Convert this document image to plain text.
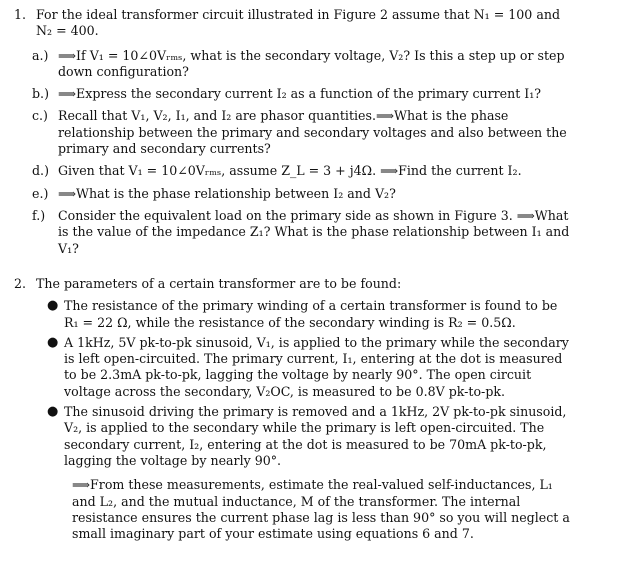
1. For the ideal transformer circuit illustrated in Figure 2 assume that N₁ = 100 and N₂ = 400.
a.) ⟹If V₁ = 10∠0Vᵣₘₛ, what is the secondary voltage, V₂? Is this a step up or step down configuration?
b.) ⟹Express the secondary current I₂ as a function of the primary current I₁?
c.) Recall that V₁, V₂, I₁, and I₂ are phasor quantities.⟹What is the phase relationship between the primary and secondary voltages and also between the primary and secondary currents?
d.) Given that V₁ = 10∠0Vᵣₘₛ, assume Z_L = 3 + j4Ω. ⟹Find the current I₂.
e.) ⟹What is the phase relationship between I₂ and V₂?
f.) Consider the equivalent load on the primary side as shown in Figure 3. ⟹What is the value of the impedance Z₁? What is the phase relationship between I₁ and V₁?
2. The parameters of a certain transformer are to be found:
● The resistance of the primary winding of a certain transformer is found to be R₁ = 22 Ω, while the resistance of the secondary winding is R₂ = 0.5Ω.
● A 1kHz, 5V pk-to-pk sinusoid, V₁, is applied to the primary while the secondary is left open-circuited. The primary current, I₁, entering at the dot is measured to be 2.3mA pk-to-pk, lagging the voltage by nearly 90°. The open circuit voltage across the secondary, V₂OC, is measured to be 0.8V pk-to-pk.
● The sinusoid driving the primary is removed and a 1kHz, 2V pk-to-pk sinusoid, V₂, is applied to the secondary while the primary is left open-circuited. The secondary current, I₂, entering at the dot is measured to be 70mA pk-to-pk, lagging the voltage by nearly 90°.
⟹From these measurements, estimate the real-valued self-inductances, L₁ and L₂, and the mutual inductance, M of the transformer. The internal resistance ensures the current phase lag is less than 90° so you will neglect a small imaginary part of your estimate using equations 6 and 7.
